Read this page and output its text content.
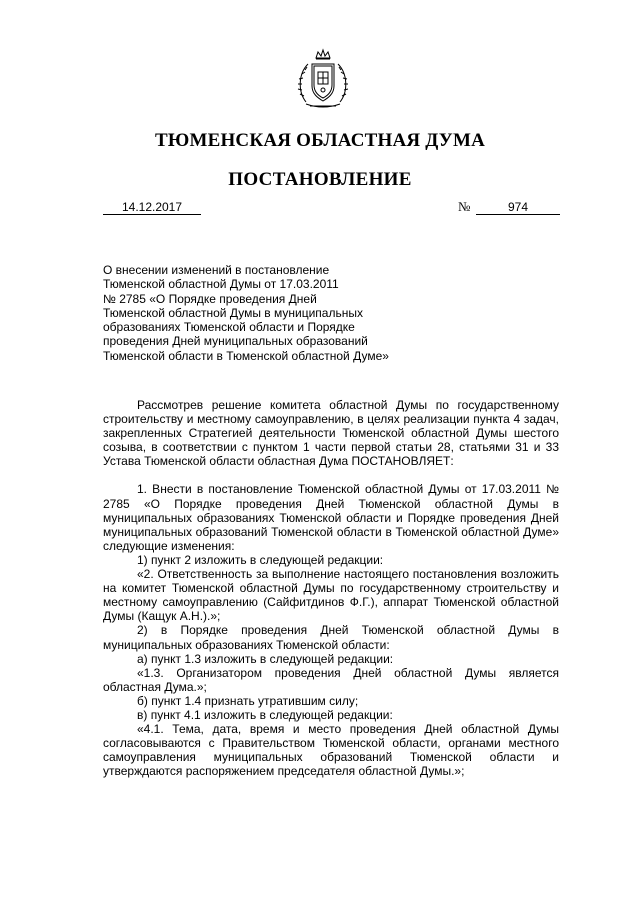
ТЮМЕНСКАЯ ОБЛАСТНАЯ ДУМА
ПОСТАНОВЛЕНИЕ
14.12.2017	№	974
О внесении изменений в постановление
Тюменской областной Думы от 17.03.2011
№ 2785 «О Порядке проведения Дней
Тюменской областной Думы в муниципальных
образованиях Тюменской области и Порядке
проведения Дней муниципальных образований
Тюменской области в Тюменской областной Думе»

Рассмотрев решение комитета областной Думы по государственному строительству и местному самоуправлению, в целях реализации пункта 4 задач, закрепленных Стратегией деятельности Тюменской областной Думы шестого созыва, в соответствии с пунктом 1 части первой статьи 28, статьями 31 и 33 Устава Тюменской области областная Дума ПОСТАНОВЛЯЕТ:

1. Внести в постановление Тюменской областной Думы от 17.03.2011 № 2785 «О Порядке проведения Дней Тюменской областной Думы в муниципальных образованиях Тюменской области и Порядке проведения Дней муниципальных образований Тюменской области в Тюменской областной Думе» следующие изменения:

1) пункт 2 изложить в следующей редакции:

«2. Ответственность за выполнение настоящего постановления возложить на комитет Тюменской областной Думы по государственному строительству и местному самоуправлению (Сайфитдинов Ф.Г.), аппарат Тюменской областной Думы (Кащук А.Н.).»;

2) в Порядке проведения Дней Тюменской областной Думы в муниципальных образованиях Тюменской области:

а) пункт 1.3 изложить в следующей редакции:

«1.3. Организатором проведения Дней областной Думы является областная Дума.»;

б) пункт 1.4 признать утратившим силу;

в) пункт 4.1 изложить в следующей редакции:

«4.1. Тема, дата, время и место проведения Дней областной Думы согласовываются с Правительством Тюменской области, органами местного самоуправления муниципальных образований Тюменской области и утверждаются распоряжением председателя областной Думы.»;
